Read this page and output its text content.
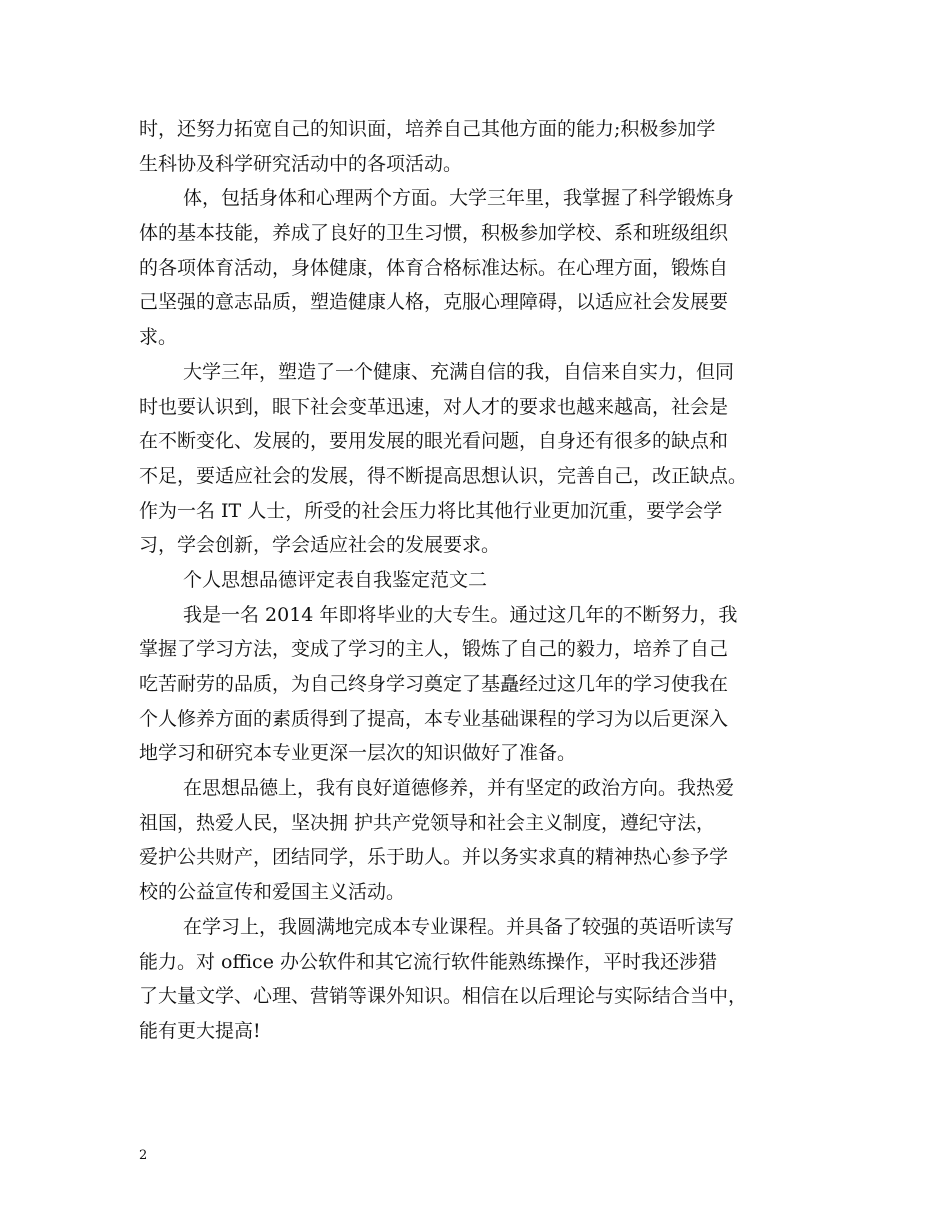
时，还努力拓宽自己的知识面，培养自己其他方面的能力;积极参加学
生科协及科学研究活动中的各项活动。
体，包括身体和心理两个方面。大学三年里，我掌握了科学锻炼身
体的基本技能，养成了良好的卫生习惯，积极参加学校、系和班级组织
的各项体育活动，身体健康，体育合格标准达标。在心理方面，锻炼自
己坚强的意志品质，塑造健康人格，克服心理障碍，以适应社会发展要
求。
大学三年，塑造了一个健康、充满自信的我，自信来自实力，但同
时也要认识到，眼下社会变革迅速，对人才的要求也越来越高，社会是
在不断变化、发展的，要用发展的眼光看问题，自身还有很多的缺点和
不足，要适应社会的发展，得不断提高思想认识，完善自己，改正缺点。
作为一名 IT 人士，所受的社会压力将比其他行业更加沉重，要学会学
习，学会创新，学会适应社会的发展要求。
个人思想品德评定表自我鉴定范文二
我是一名 2014 年即将毕业的大专生。通过这几年的不断努力，我
掌握了学习方法，变成了学习的主人，锻炼了自己的毅力，培养了自己
吃苦耐劳的品质，为自己终身学习奠定了基矗经过这几年的学习使我在
个人修养方面的素质得到了提高，本专业基础课程的学习为以后更深入
地学习和研究本专业更深一层次的知识做好了准备。
在思想品德上，我有良好道德修养，并有坚定的政治方向。我热爱
祖国，热爱人民，坚决拥 护共产党领导和社会主义制度，遵纪守法，
爱护公共财产，团结同学，乐于助人。并以务实求真的精神热心参予学
校的公益宣传和爱国主义活动。
在学习上，我圆满地完成本专业课程。并具备了较强的英语听读写
能力。对 office 办公软件和其它流行软件能熟练操作，平时我还涉猎
了大量文学、心理、营销等课外知识。相信在以后理论与实际结合当中，
能有更大提高!
2
